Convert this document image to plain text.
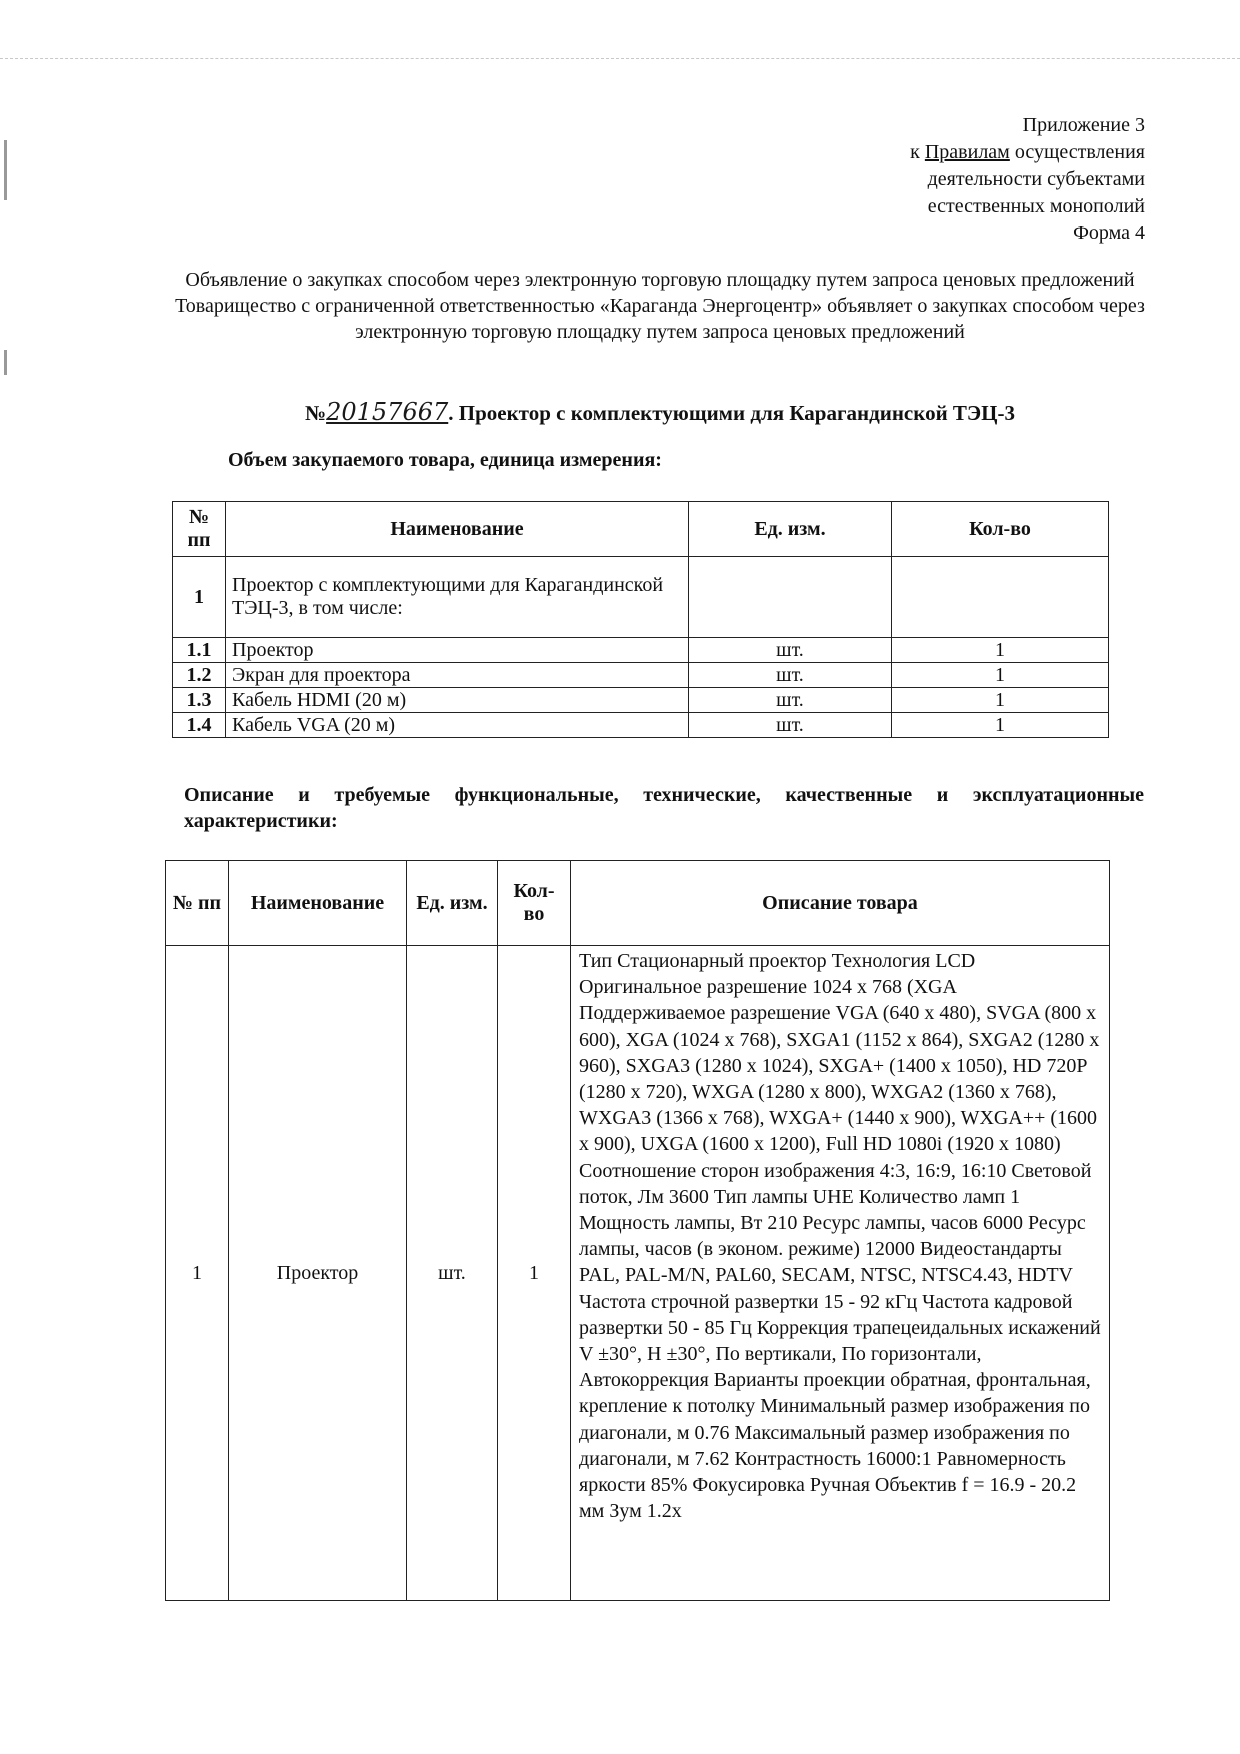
Приложение 3
к Правилам осуществления
деятельности субъектами
естественных монополий
Форма 4
Объявление о закупках способом через электронную торговую площадку путем запроса ценовых предложений
Товарищество с ограниченной ответственностью «Караганда Энергоцентр» объявляет о закупках способом через электронную торговую площадку путем запроса ценовых предложений
№20157667. Проектор с комплектующими для Карагандинской ТЭЦ-3
Объем закупаемого товара, единица измерения:
№ пп	Наименование	Ед. изм.	Кол-во
1	Проектор с комплектующими для Карагандинской ТЭЦ-3, в том числе:		
1.1	Проектор	шт.	1
1.2	Экран для проектора	шт.	1
1.3	Кабель HDMI (20 м)	шт.	1
1.4	Кабель VGA (20 м)	шт.	1
Описание и требуемые функциональные, технические, качественные и эксплуатационные характеристики:
№ пп	Наименование	Ед. изм.	Кол-во	Описание товара
1	Проектор	шт.	1	Тип Стационарный проектор Технология LCD Оригинальное разрешение 1024 x 768 (XGA Поддерживаемое разрешение VGA (640 x 480), SVGA (800 x 600), XGA (1024 x 768), SXGA1 (1152 x 864), SXGA2 (1280 x 960), SXGA3 (1280 x 1024), SXGA+ (1400 x 1050), HD 720P (1280 x 720), WXGA (1280 x 800), WXGA2 (1360 x 768), WXGA3 (1366 x 768), WXGA+ (1440 x 900), WXGA++ (1600 x 900), UXGA (1600 x 1200), Full HD 1080i (1920 x 1080) Соотношение сторон изображения 4:3, 16:9, 16:10 Световой поток, Лм 3600 Тип лампы UHE Количество ламп 1 Мощность лампы, Вт 210 Ресурс лампы, часов 6000 Ресурс лампы, часов (в эконом. режиме) 12000 Видеостандарты PAL, PAL-M/N, PAL60, SECAM, NTSC, NTSC4.43, HDTV Частота строчной развертки 15 - 92 кГц Частота кадровой развертки 50 - 85 Гц Коррекция трапецеидальных искажений V ±30°, H ±30°, По вертикали, По горизонтали, Автокоррекция Варианты проекции обратная, фронтальная, крепление к потолку Минимальный размер изображения по диагонали, м 0.76 Максимальный размер изображения по диагонали, м 7.62 Контрастность 16000:1 Равномерность яркости 85% Фокусировка Ручная Объектив f = 16.9 - 20.2 мм Зум 1.2x
